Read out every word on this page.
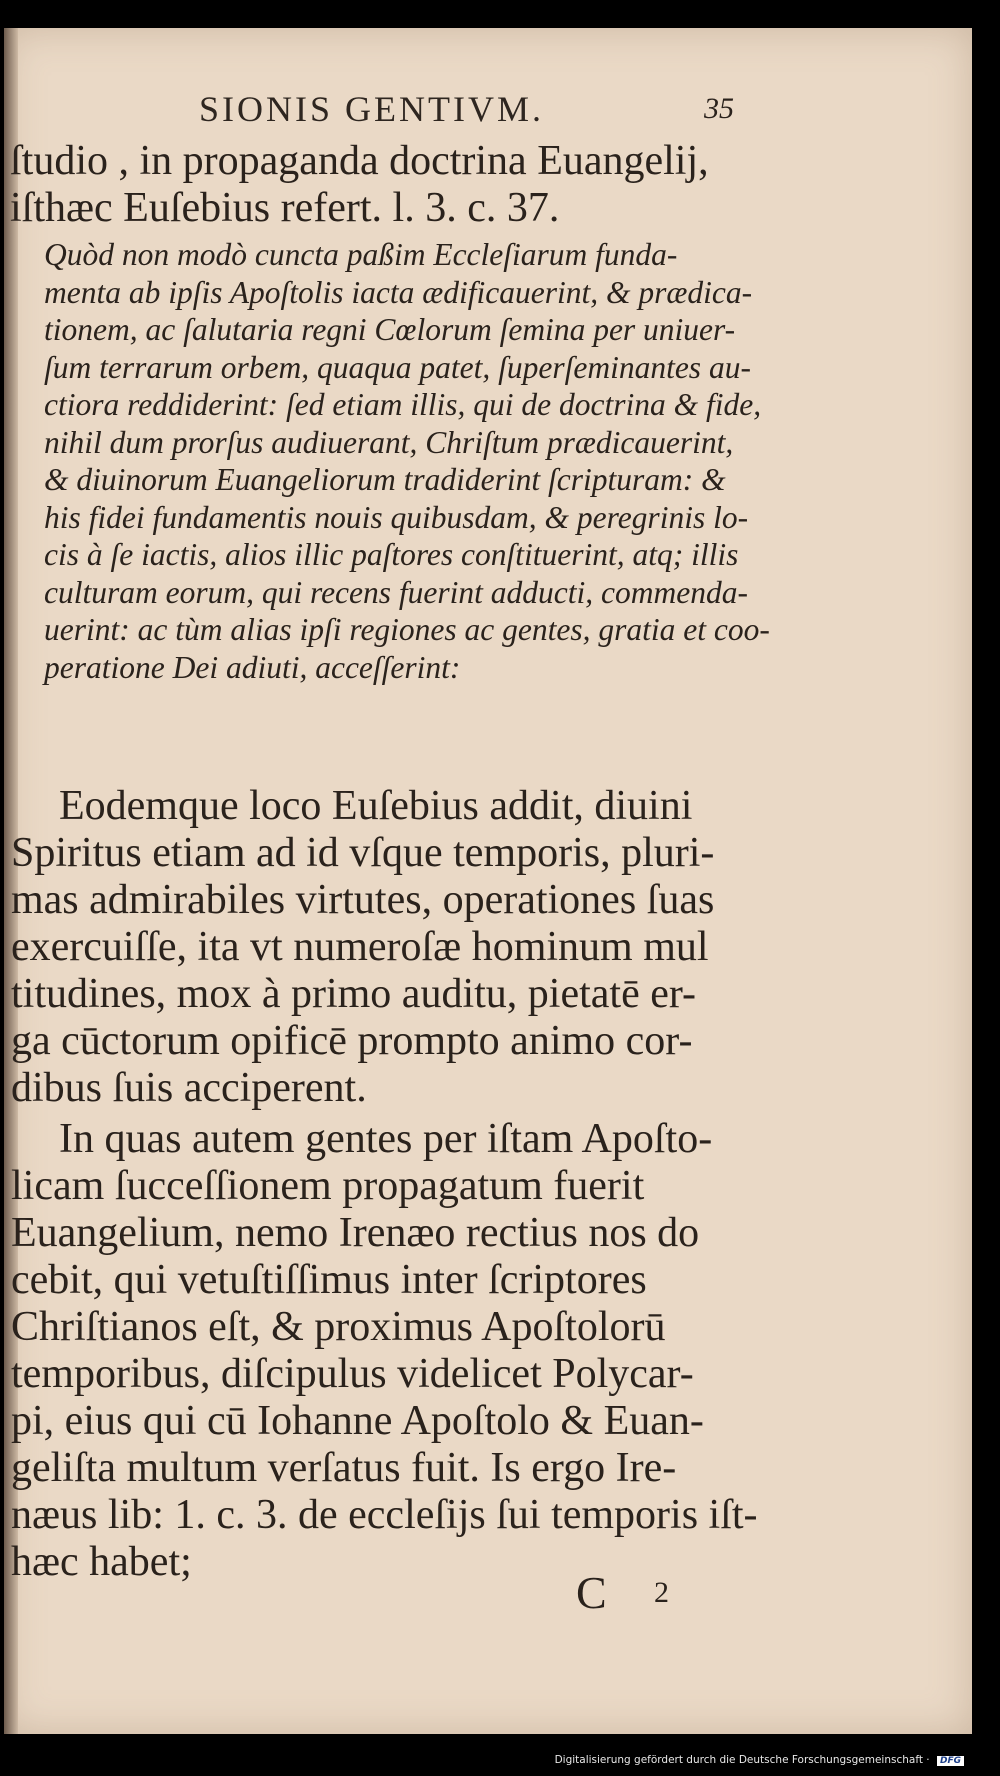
SIONIS GENTIVM.	35
ſtudio , in propaganda doctrina Euangelij,
iſthæc Euſebius refert. l. 3. c. 37.
Quòd non modò cuncta paßim Eccleſiarum funda-
menta ab ipſis Apoſtolis iacta ædificauerint, & prædica-
tionem, ac ſalutaria regni Cœlorum ſemina per uniuer-
ſum terrarum orbem, quaqua patet, ſuperſeminantes au-
ctiora reddiderint: ſed etiam illis, qui de doctrina & fide,
nihil dum prorſus audiuerant, Chriſtum prædicauerint,
& diuinorum Euangeliorum tradiderint ſcripturam: &
his fidei fundamentis nouis quibusdam, & peregrinis lo-
cis à ſe iactis, alios illic paſtores conſtituerint, atq; illis
culturam eorum, qui recens fuerint adducti, commenda-
uerint: ac tùm alias ipſi regiones ac gentes, gratia et coo-
peratione Dei adiuti, acceſſerint:
Eodemque loco Euſebius addit, diuini
Spiritus etiam ad id vſque temporis, pluri-
mas admirabiles virtutes, operationes ſuas
exercuiſſe, ita vt numeroſæ hominum mul
titudines, mox à primo auditu, pietatē er-
ga cūctorum opificē prompto animo cor-
dibus ſuis acciperent.
In quas autem gentes per iſtam Apoſto-
licam ſucceſſionem propagatum fuerit
Euangelium, nemo Irenæo rectius nos do
cebit, qui vetuſtiſſimus inter ſcriptores
Chriſtianos eſt, & proximus Apoſtolorū
temporibus, diſcipulus videlicet Polycar-
pi, eius qui cū Iohanne Apoſtolo & Euan-
geliſta multum verſatus fuit. Is ergo Ire-
næus lib: 1. c. 3. de eccleſijs ſui temporis iſt-
hæc habet;
C 2
Digitalisierung gefördert durch die Deutsche Forschungsgemeinschaft · DFG
